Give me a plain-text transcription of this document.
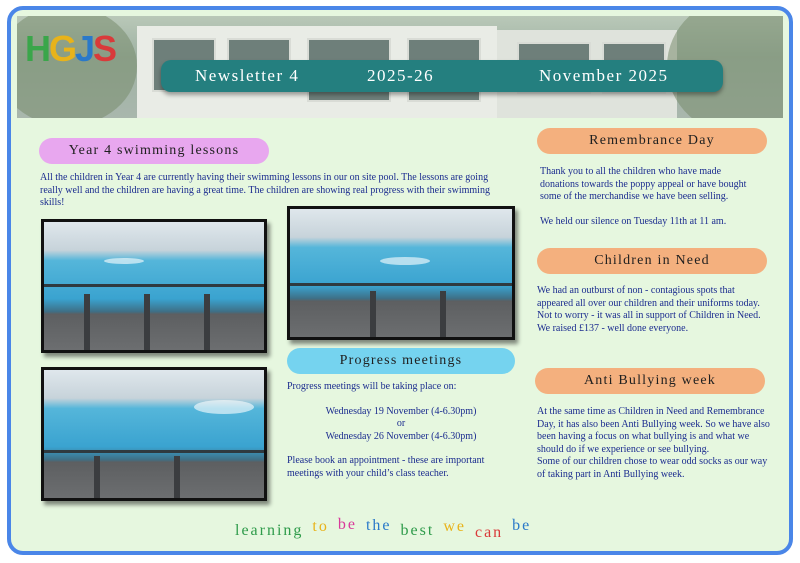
HGJS
Newsletter 4	2025-26	November 2025
Year 4 swimming lessons

All the children in Year 4 are currently having their swimming lessons in our on site pool. The lessons are going really well and the children are having a great time. The children are showing real progress with their swimming skills!

Progress meetings

Progress meetings will be taking place on:

Wednesday 19 November (4-6.30pm)

or

Wednesday 26 November (4-6.30pm)

Please book an appointment - these are important meetings with your child’s class teacher.

Remembrance Day

Thank you to all the children who have made donations towards the poppy appeal or have bought some of the merchandise we have been selling.

We held our silence on Tuesday 11th at 11 am.

Children in Need

We had an outburst of non - contagious spots that appeared all over our children and their uniforms today. Not to worry - it was all in support of Children in Need.

We raised £137 - well done everyone.

Anti Bullying week

At the same time as Children in Need and Remembrance Day, it has also been Anti Bullying week. So we have also been having a focus on what bullying is and what we should do if we experience or see bullying.

Some of our children chose to wear odd socks as our way of taking part in Anti Bullying week.

learning to be the best we can be
